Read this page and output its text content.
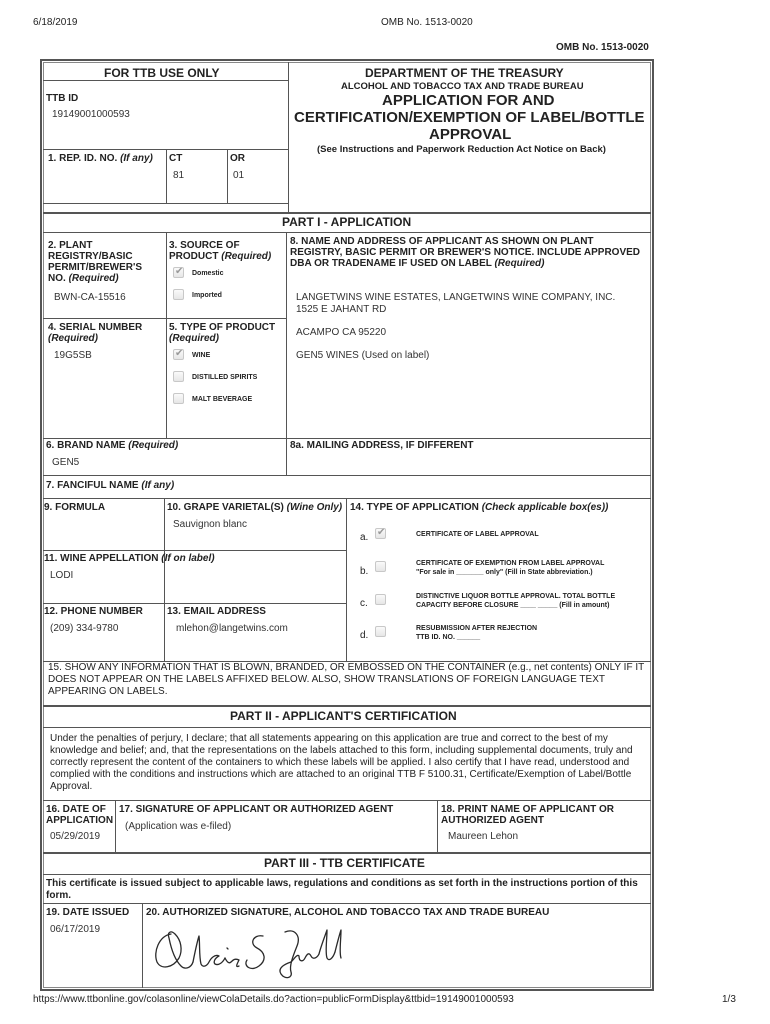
6/18/2019	OMB No. 1513-0020
OMB No. 1513-0020
FOR TTB USE ONLY
TTB ID
19149001000593
1. REP. ID. NO. (If any) CT
81
OR
01
DEPARTMENT OF THE TREASURY
ALCOHOL AND TOBACCO TAX AND TRADE BUREAU
APPLICATION FOR AND
CERTIFICATION/EXEMPTION OF LABEL/BOTTLE
APPROVAL
(See Instructions and Paperwork Reduction Act Notice on Back)
PART I - APPLICATION
2. PLANT
REGISTRY/BASIC
PERMIT/BREWER'S
NO. (Required)
BWN-CA-15516
3. SOURCE OF
PRODUCT (Required)
✔
Domestic
Imported
8. NAME AND ADDRESS OF APPLICANT AS SHOWN ON PLANT
REGISTRY, BASIC PERMIT OR BREWER'S NOTICE. INCLUDE APPROVED
DBA OR TRADENAME IF USED ON LABEL (Required)
LANGETWINS WINE ESTATES, LANGETWINS WINE COMPANY, INC.
1525 E JAHANT RD
ACAMPO CA 95220
GEN5 WINES (Used on label)
4. SERIAL NUMBER
(Required)
19G5SB
5. TYPE OF PRODUCT
(Required)
✔
WINE
DISTILLED SPIRITS
MALT BEVERAGE
6. BRAND NAME (Required)
GEN5
8a. MAILING ADDRESS, IF DIFFERENT
7. FANCIFUL NAME (If any)
9. FORMULA	10. GRAPE VARIETAL(S) (Wine Only)
Sauvignon blanc
14. TYPE OF APPLICATION (Check applicable box(es))
a.
✔	CERTIFICATE OF LABEL APPROVAL
b.
CERTIFICATE OF EXEMPTION FROM LABEL APPROVAL
"For sale in _______ only" (Fill in State abbreviation.)
c.
DISTINCTIVE LIQUOR BOTTLE APPROVAL. TOTAL BOTTLE
CAPACITY BEFORE CLOSURE ____ _____ (Fill in amount)
d.
RESUBMISSION AFTER REJECTION
TTB ID. NO. ______
11. WINE APPELLATION (If on label)
LODI
12. PHONE NUMBER
(209) 334-9780
13. EMAIL ADDRESS
mlehon@langetwins.com
15. SHOW ANY INFORMATION THAT IS BLOWN, BRANDED, OR EMBOSSED ON THE CONTAINER (e.g., net contents) ONLY IF IT DOES NOT APPEAR ON THE LABELS AFFIXED BELOW. ALSO, SHOW TRANSLATIONS OF FOREIGN LANGUAGE TEXT APPEARING ON LABELS.
PART II - APPLICANT'S CERTIFICATION
Under the penalties of perjury, I declare; that all statements appearing on this application are true and correct to the best of my knowledge and belief; and, that the representations on the labels attached to this form, including supplemental documents, truly and correctly represent the content of the containers to which these labels will be applied. I also certify that I have read, understood and complied with the conditions and instructions which are attached to an original TTB F 5100.31, Certificate/Exemption of Label/Bottle Approval.
16. DATE OF
APPLICATION
05/29/2019
17. SIGNATURE OF APPLICANT OR AUTHORIZED AGENT
(Application was e-filed)
18. PRINT NAME OF APPLICANT OR
AUTHORIZED AGENT
Maureen Lehon
PART III - TTB CERTIFICATE
This certificate is issued subject to applicable laws, regulations and conditions as set forth in the instructions portion of this form.
19. DATE ISSUED
06/17/2019
20. AUTHORIZED SIGNATURE, ALCOHOL AND TOBACCO TAX AND TRADE BUREAU
https://www.ttbonline.gov/colasonline/viewColaDetails.do?action=publicFormDisplay&ttbid=19149001000593	1/3
